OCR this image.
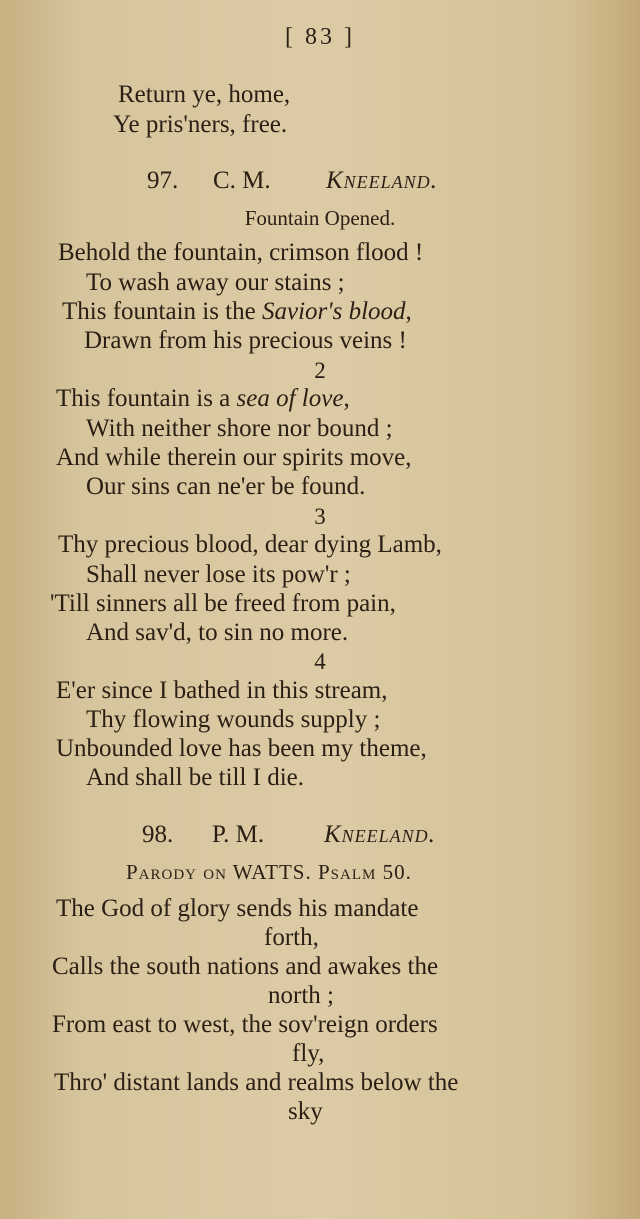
[ 83 ]
Return ye, home,
Ye pris'ners, free.
97. C. M. Kneeland.
Fountain Opened.
Behold the fountain, crimson flood !
To wash away our stains ;
This fountain is the Savior's blood,
Drawn from his precious veins !
2
This fountain is a sea of love,
With neither shore nor bound ;
And while therein our spirits move,
Our sins can ne'er be found.
3
Thy precious blood, dear dying Lamb,
Shall never lose its pow'r ;
'Till sinners all be freed from pain,
And sav'd, to sin no more.
4
E'er since I bathed in this stream,
Thy flowing wounds supply ;
Unbounded love has been my theme,
And shall be till I die.
98. P. M. Kneeland.
Parody on WATTS. Psalm 50.
The God of glory sends his mandate
forth,
Calls the south nations and awakes the
north ;
From east to west, the sov'reign orders
fly,
Thro' distant lands and realms below the
sky
